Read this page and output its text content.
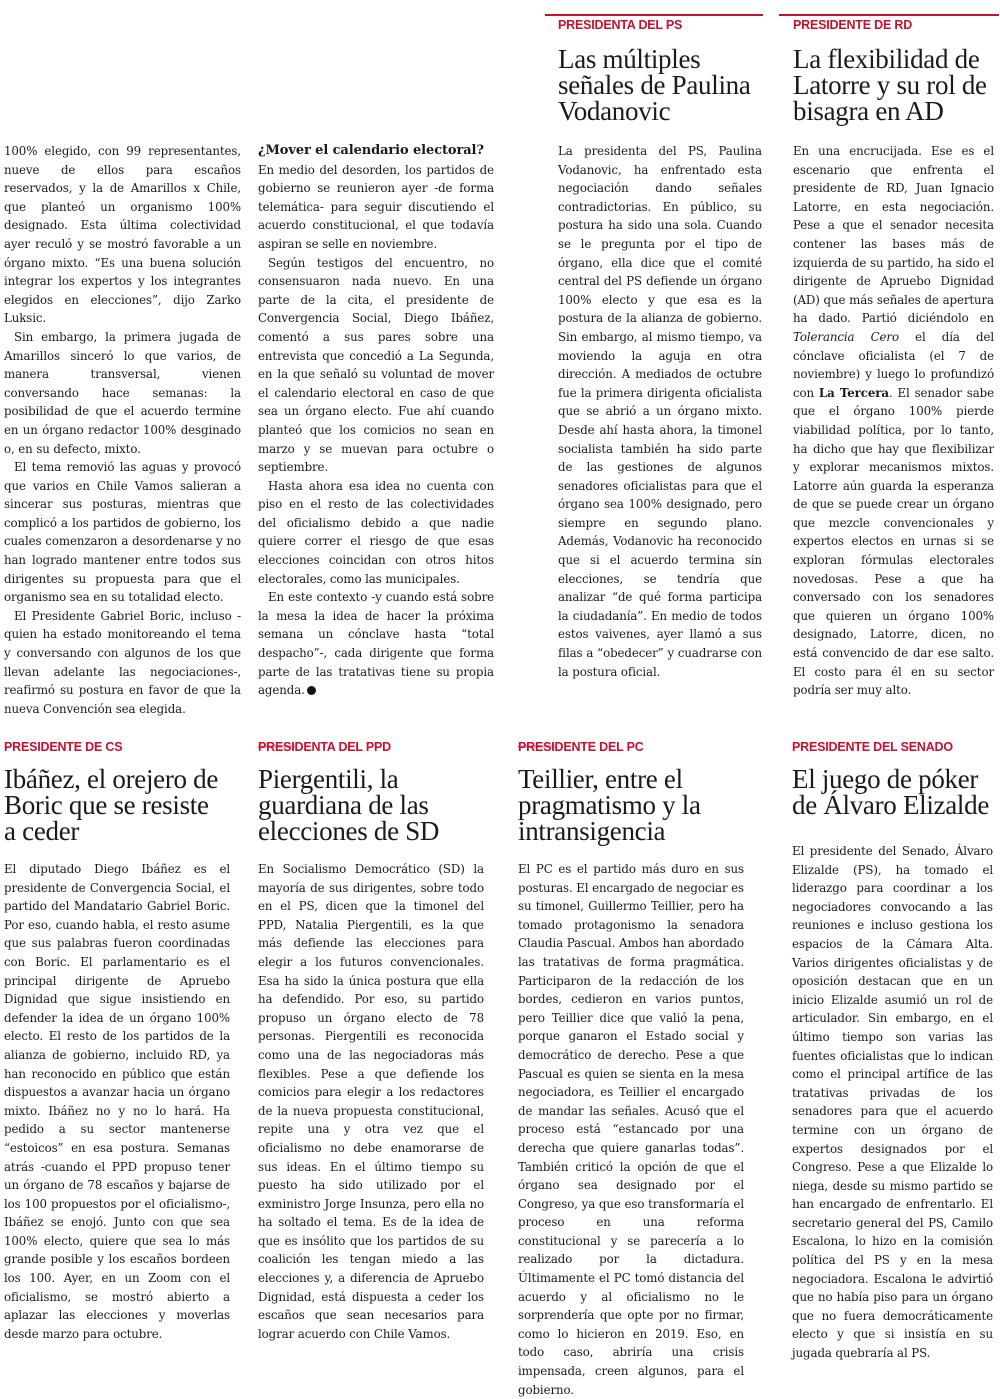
100% elegido, con 99 representantes, nueve de ellos para escaños reservados, y la de Amarillos x Chile, que planteó un organismo 100% designado. Esta última colectividad ayer reculó y se mostró favorable a un órgano mixto. “Es una buena solución integrar los expertos y los integrantes elegidos en elecciones”, dijo Zarko Luksic.

Sin embargo, la primera jugada de Amarillos sinceró lo que varios, de manera transversal, vienen conversando hace semanas: la posibilidad de que el acuerdo termine en un órgano redactor 100% desginado o, en su defecto, mixto.

El tema removió las aguas y provocó que varios en Chile Vamos salieran a sincerar sus posturas, mientras que complicó a los partidos de gobierno, los cuales comenzaron a desordenarse y no han logrado mantener entre todos sus dirigentes su propuesta para que el organismo sea en su totalidad electo.

El Presidente Gabriel Boric, incluso -quien ha estado monitoreando el tema y conversando con algunos de los que llevan adelante las negociaciones-, reafirmó su postura en favor de que la nueva Convención sea elegida.

¿Mover el calendario electoral?

En medio del desorden, los partidos de gobierno se reunieron ayer -de forma telemática- para seguir discutiendo el acuerdo constitucional, el que todavía aspiran se selle en noviembre.

Según testigos del encuentro, no consensuaron nada nuevo. En una parte de la cita, el presidente de Convergencia Social, Diego Ibáñez, comentó a sus pares sobre una entrevista que concedió a La Segunda, en la que señaló su voluntad de mover el calendario electoral en caso de que sea un órgano electo. Fue ahí cuando planteó que los comicios no sean en marzo y se muevan para octubre o septiembre.

Hasta ahora esa idea no cuenta con piso en el resto de las colectividades del oficialismo debido a que nadie quiere correr el riesgo de que esas elecciones coincidan con otros hitos electorales, como las municipales.

En este contexto -y cuando está sobre la mesa la idea de hacer la próxima semana un cónclave hasta “total despacho”-, cada dirigente que forma parte de las tratativas tiene su propia agenda.

PRESIDENTA DEL PS
Las múltiples señales de Paulina Vodanovic

La presidenta del PS, Paulina Vodanovic, ha enfrentado esta negociación dando señales contradictorias. En público, su postura ha sido una sola. Cuando se le pregunta por el tipo de órgano, ella dice que el comité central del PS defiende un órgano 100% electo y que esa es la postura de la alianza de gobierno. Sin embargo, al mismo tiempo, va moviendo la aguja en otra dirección. A mediados de octubre fue la primera dirigenta oficialista que se abrió a un órgano mixto. Desde ahí hasta ahora, la timonel socialista también ha sido parte de las gestiones de algunos senadores oficialistas para que el órgano sea 100% designado, pero siempre en segundo plano. Además, Vodanovic ha reconocido que si el acuerdo termina sin elecciones, se tendría que analizar “de qué forma participa la ciudadanía”. En medio de todos estos vaivenes, ayer llamó a sus filas a “obedecer” y cuadrarse con la postura oficial.

PRESIDENTE DE RD
La flexibilidad de Latorre y su rol de bisagra en AD

En una encrucijada. Ese es el escenario que enfrenta el presidente de RD, Juan Ignacio Latorre, en esta negociación. Pese a que el senador necesita contener las bases más de izquierda de su partido, ha sido el dirigente de Apruebo Dignidad (AD) que más señales de apertura ha dado. Partió diciéndolo en Tolerancia Cero el día del cónclave oficialista (el 7 de noviembre) y luego lo profundizó con La Tercera. El senador sabe que el órgano 100% pierde viabilidad política, por lo tanto, ha dicho que hay que flexibilizar y explorar mecanismos mixtos. Latorre aún guarda la esperanza de que se puede crear un órgano que mezcle convencionales y expertos electos en urnas si se exploran fórmulas electorales novedosas. Pese a que ha conversado con los senadores que quieren un órgano 100% designado, Latorre, dicen, no está convencido de dar ese salto. El costo para él en su sector podría ser muy alto.

PRESIDENTE DE CS
Ibáñez, el orejero de Boric que se resiste a ceder

El diputado Diego Ibáñez es el presidente de Convergencia Social, el partido del Mandatario Gabriel Boric. Por eso, cuando habla, el resto asume que sus palabras fueron coordinadas con Boric. El parlamentario es el principal dirigente de Apruebo Dignidad que sigue insistiendo en defender la idea de un órgano 100% electo. El resto de los partidos de la alianza de gobierno, incluido RD, ya han reconocido en público que están dispuestos a avanzar hacia un órgano mixto. Ibáñez no y no lo hará. Ha pedido a su sector mantenerse “estoicos” en esa postura. Semanas atrás -cuando el PPD propuso tener un órgano de 78 escaños y bajarse de los 100 propuestos por el oficialismo-, Ibáñez se enojó. Junto con que sea 100% electo, quiere que sea lo más grande posible y los escaños bordeen los 100. Ayer, en un Zoom con el oficialismo, se mostró abierto a aplazar las elecciones y moverlas desde marzo para octubre.

PRESIDENTA DEL PPD
Piergentili, la guardiana de las elecciones de SD

En Socialismo Democrático (SD) la mayoría de sus dirigentes, sobre todo en el PS, dicen que la timonel del PPD, Natalia Piergentili, es la que más defiende las elecciones para elegir a los futuros convencionales. Esa ha sido la única postura que ella ha defendido. Por eso, su partido propuso un órgano electo de 78 personas. Piergentili es reconocida como una de las negociadoras más flexibles. Pese a que defiende los comicios para elegir a los redactores de la nueva propuesta constitucional, repite una y otra vez que el oficialismo no debe enamorarse de sus ideas. En el último tiempo su puesto ha sido utilizado por el exministro Jorge Insunza, pero ella no ha soltado el tema. Es de la idea de que es insólito que los partidos de su coalición les tengan miedo a las elecciones y, a diferencia de Apruebo Dignidad, está dispuesta a ceder los escaños que sean necesarios para lograr acuerdo con Chile Vamos.

PRESIDENTE DEL PC
Teillier, entre el pragmatismo y la intransigencia

El PC es el partido más duro en sus posturas. El encargado de negociar es su timonel, Guillermo Teillier, pero ha tomado protagonismo la senadora Claudia Pascual. Ambos han abordado las tratativas de forma pragmática. Participaron de la redacción de los bordes, cedieron en varios puntos, pero Teillier dice que valió la pena, porque ganaron el Estado social y democrático de derecho. Pese a que Pascual es quien se sienta en la mesa negociadora, es Teillier el encargado de mandar las señales. Acusó que el proceso está “estancado por una derecha que quiere ganarlas todas”. También criticó la opción de que el órgano sea designado por el Congreso, ya que eso transformaría el proceso en una reforma constitucional y se parecería a lo realizado por la dictadura. Últimamente el PC tomó distancia del acuerdo y al oficialismo no le sorprendería que opte por no firmar, como lo hicieron en 2019. Eso, en todo caso, abriría una crisis impensada, creen algunos, para el gobierno.

PRESIDENTE DEL SENADO
El juego de póker de Álvaro Elizalde

El presidente del Senado, Álvaro Elizalde (PS), ha tomado el liderazgo para coordinar a los negociadores convocando a las reuniones e incluso gestiona los espacios de la Cámara Alta. Varios dirigentes oficialistas y de oposición destacan que en un inicio Elizalde asumió un rol de articulador. Sin embargo, en el último tiempo son varias las fuentes oficialistas que lo indican como el principal artífice de las tratativas privadas de los senadores para que el acuerdo termine con un órgano de expertos designados por el Congreso. Pese a que Elizalde lo niega, desde su mismo partido se han encargado de enfrentarlo. El secretario general del PS, Camilo Escalona, lo hizo en la comisión política del PS y en la mesa negociadora. Escalona le advirtió que no había piso para un órgano que no fuera democráticamente electo y que si insistía en su jugada quebraría al PS.
